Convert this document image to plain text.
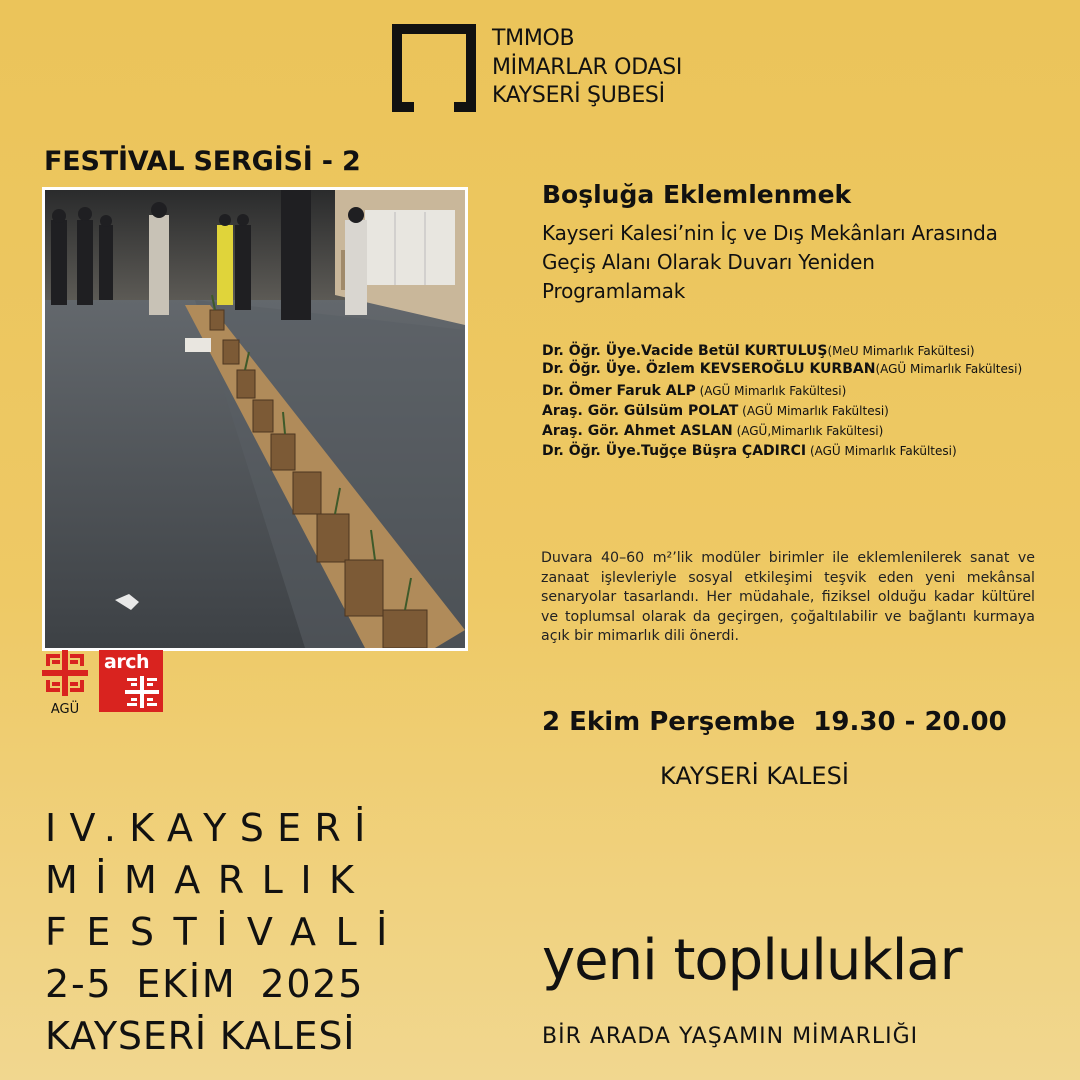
TMMOB
MİMARLAR ODASI
KAYSERİ ŞUBESİ
FESTİVAL SERGİSİ - 2
Boşluğa Eklemlenmek
Kayseri Kalesi’nin İç ve Dış Mekânları Arasında Geçiş Alanı Olarak Duvarı Yeniden Programlamak
Dr. Öğr. Üye.Vacide Betül KURTULUŞ(MeU Mimarlık Fakültesi)
Dr. Öğr. Üye. Özlem KEVSEROĞLU KURBAN(AGÜ Mimarlık Fakültesi)
Dr. Ömer Faruk ALP (AGÜ Mimarlık Fakültesi)
Araş. Gör. Gülsüm POLAT (AGÜ Mimarlık Fakültesi)
Araş. Gör. Ahmet ASLAN (AGÜ,Mimarlık Fakültesi)
Dr. Öğr. Üye.Tuğçe Büşra ÇADIRCI (AGÜ Mimarlık Fakültesi)
Duvara 40–60 m²’lik modüler birimler ile eklemlenilerek sanat ve zanaat işlevleriyle sosyal etkileşimi teşvik eden yeni mekânsal senaryolar tasarlandı. Her müdahale, fiziksel olduğu kadar kültürel ve toplumsal olarak da geçirgen, çoğaltılabilir ve bağlantı kurmaya açık bir mimarlık dili önerdi.
2 Ekim Perşembe  19.30 - 20.00
KAYSERİ KALESİ
AGÜ
arch
IV.KAYSERİ
MİMARLIK
FESTİVALİ
2-5 EKİM 2025
KAYSERİ KALESİ
yeni topluluklar
BİR ARADA YAŞAMIN MİMARLIĞI
